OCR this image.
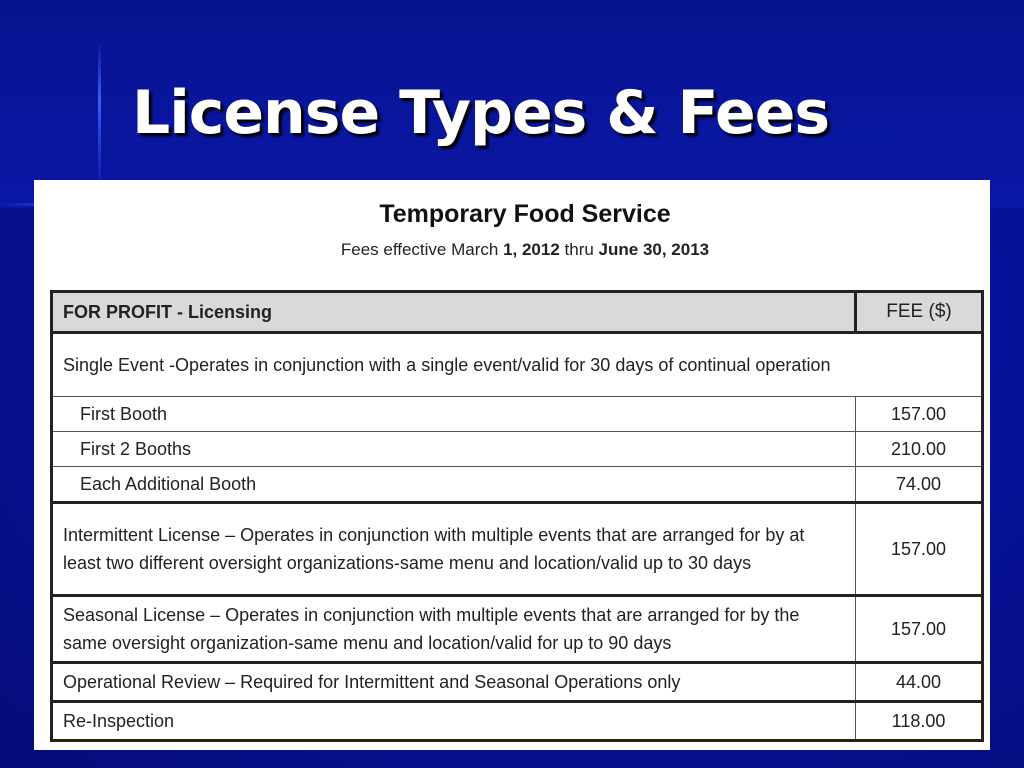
License Types & Fees
Temporary Food Service
Fees effective March 1, 2012 thru June 30, 2013
FOR PROFIT - Licensing	FEE ($)
Single Event -Operates in conjunction with a single event/valid for 30 days of continual operation	
First Booth	157.00
First 2 Booths	210.00
Each Additional Booth	74.00
Intermittent License – Operates in conjunction with multiple events that are arranged for by at least two different oversight organizations-same menu and location/valid up to 30 days	157.00
Seasonal License – Operates in conjunction with multiple events that are arranged for by the same oversight organization-same menu and location/valid for up to 90 days	157.00
Operational Review – Required for Intermittent and Seasonal Operations only	44.00
Re-Inspection	118.00
